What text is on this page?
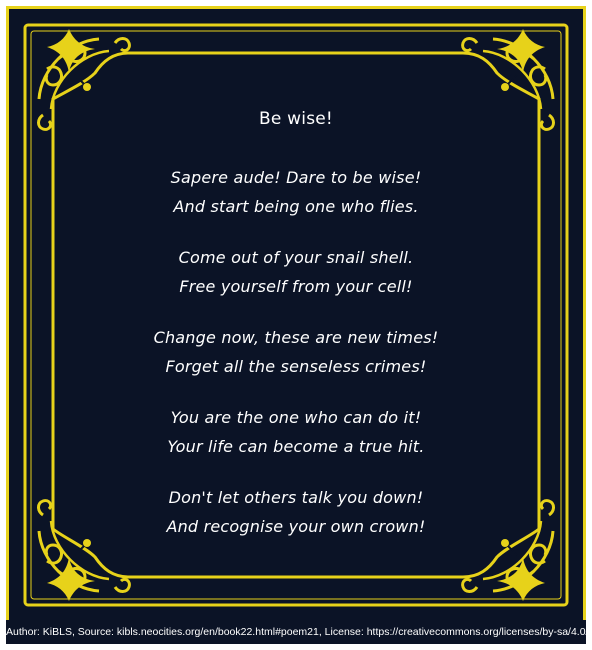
Be wise!
Sapere aude! Dare to be wise!
And start being one who flies.
Come out of your snail shell.
Free yourself from your cell!
Change now, these are new times!
Forget all the senseless crimes!
You are the one who can do it!
Your life can become a true hit.
Don't let others talk you down!
And recognise your own crown!
Author: KiBLS, Source: kibls.neocities.org/en/book22.html#poem21, License: https://creativecommons.org/licenses/by-sa/4.0/
